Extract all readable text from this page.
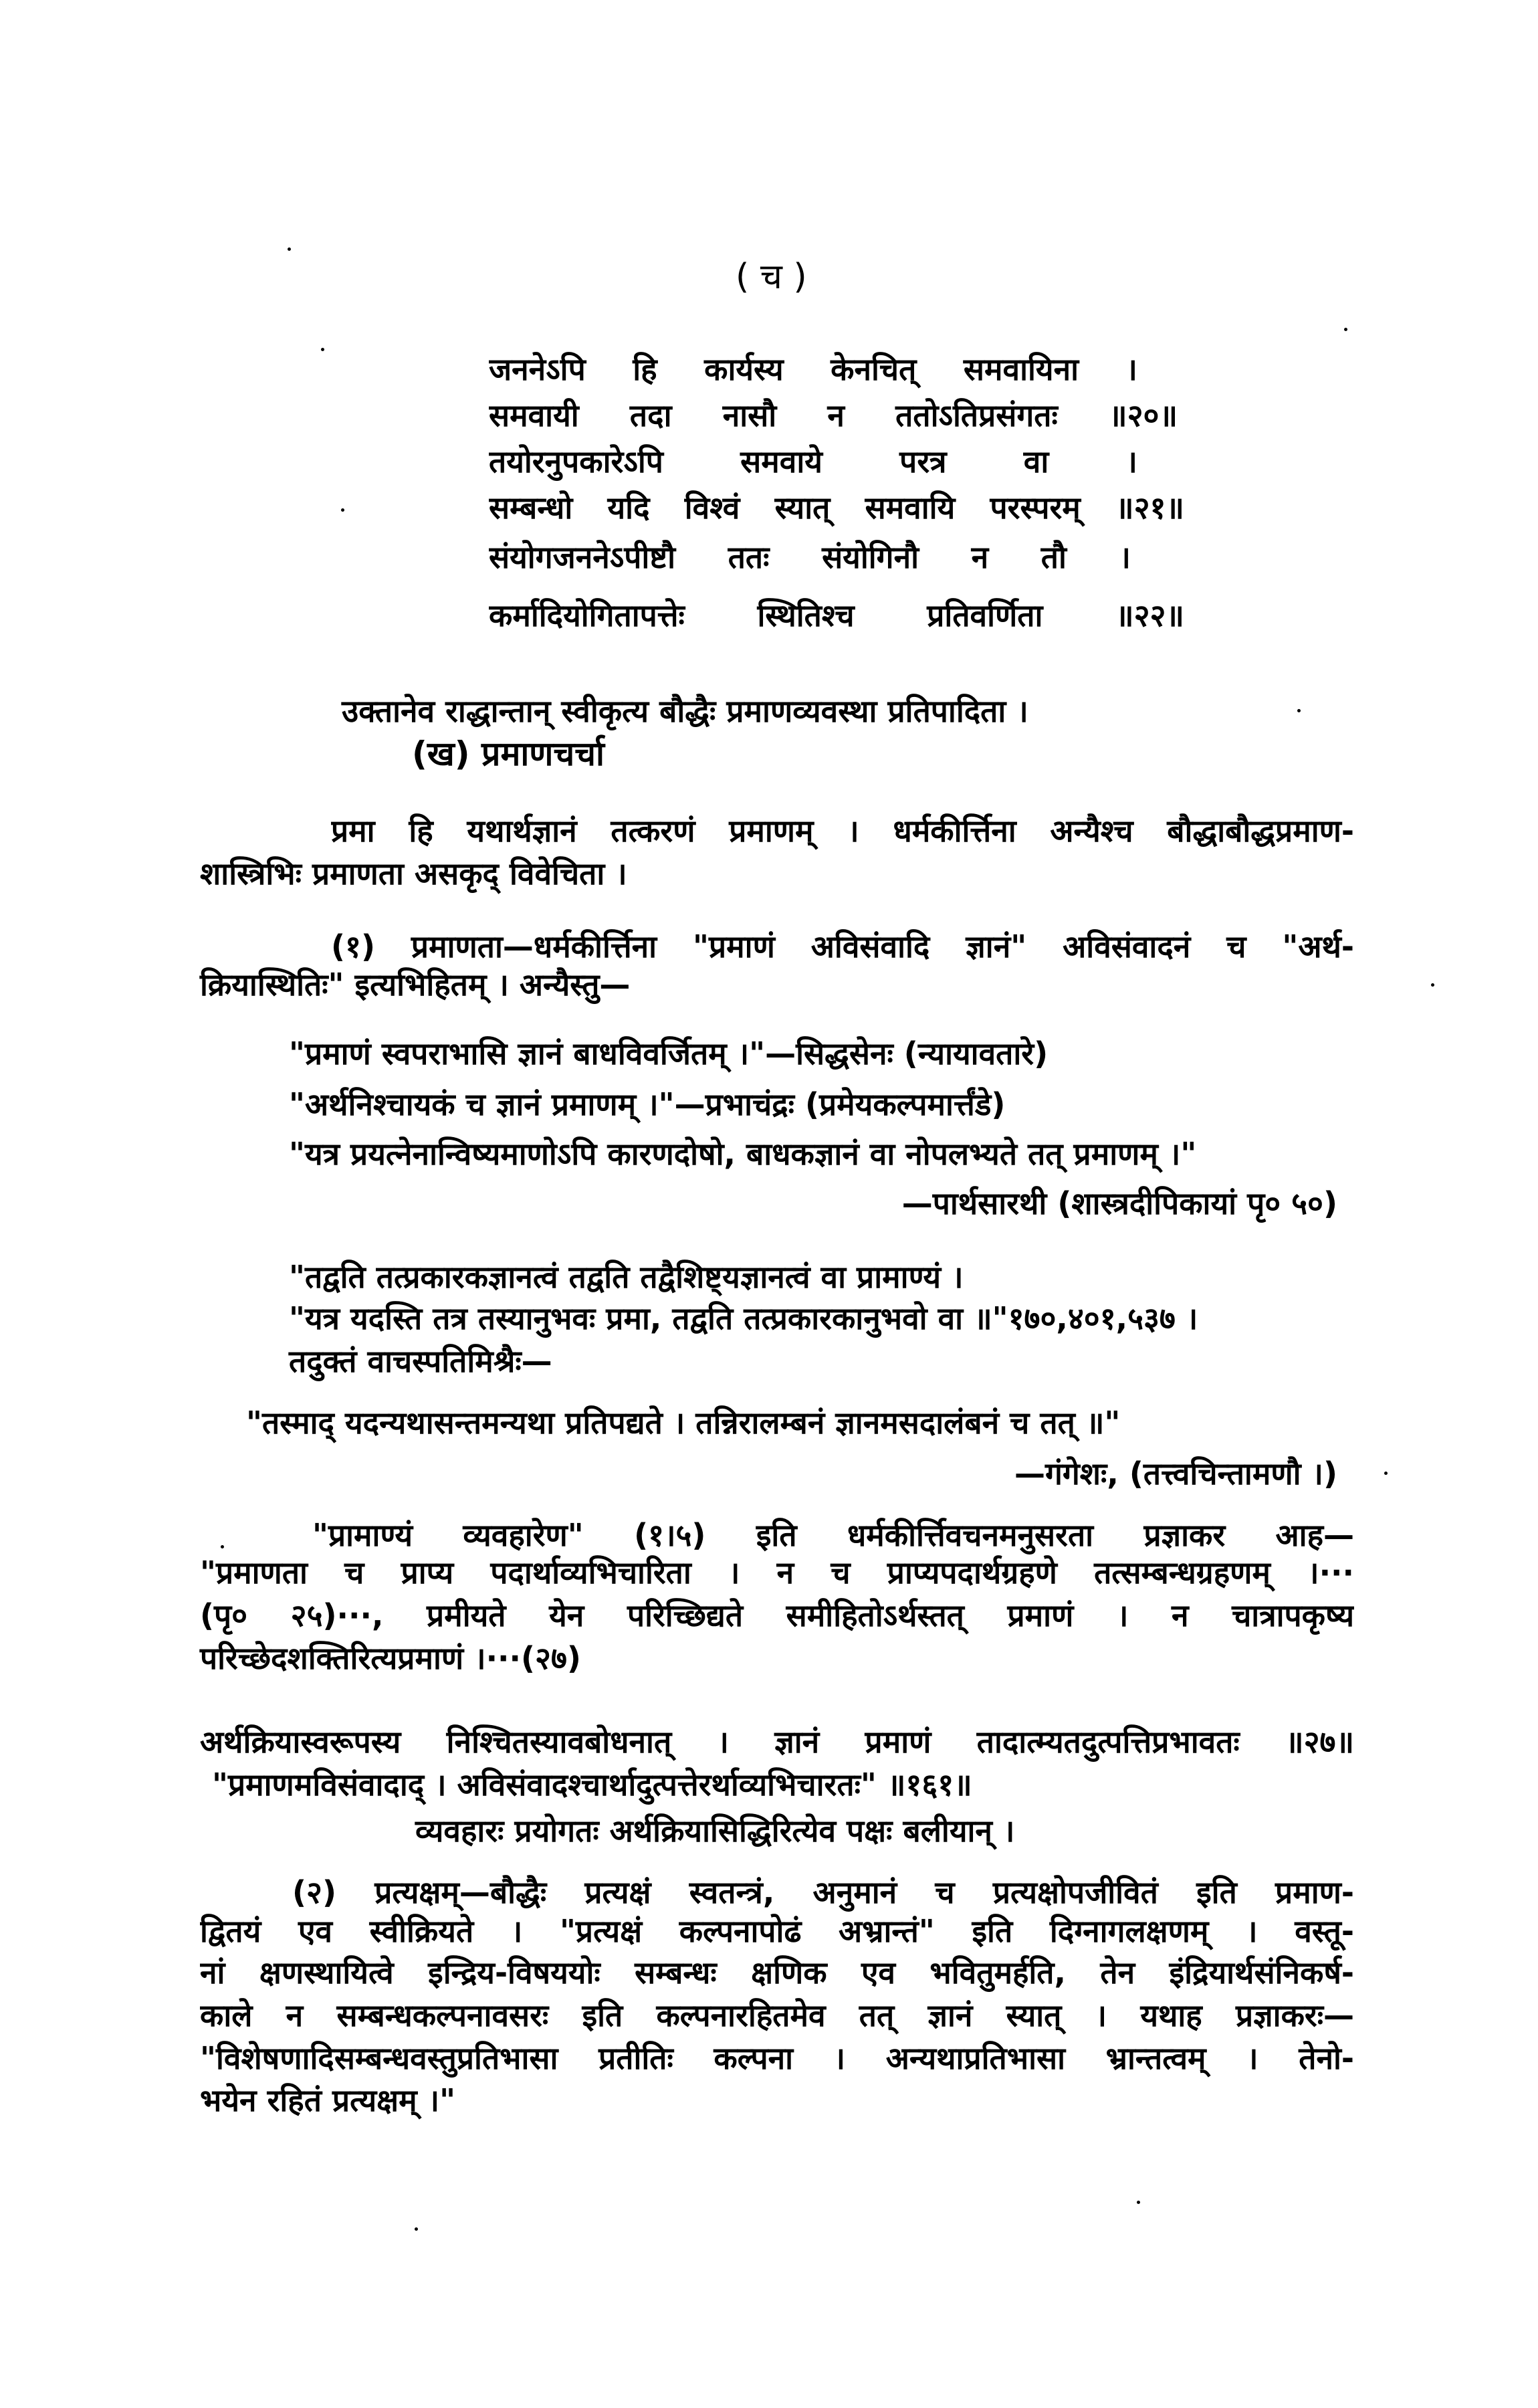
( च )
जननेऽपि हि कार्यस्य केनचित् समवायिना ।
समवायी तदा नासौ न ततोऽतिप्रसंगतः ॥२०॥
तयोरनुपकारेऽपि समवाये परत्र वा ।
सम्बन्धो यदि विश्वं स्यात् समवायि परस्परम् ॥२१॥
संयोगजननेऽपीष्टौ ततः संयोगिनौ न तौ ।
कर्मादियोगितापत्तेः स्थितिश्च प्रतिवर्णिता ॥२२॥
उक्तानेव राद्धान्तान् स्वीकृत्य बौद्धैः प्रमाणव्यवस्था प्रतिपादिता ।
(ख) प्रमाणचर्चा
प्रमा हि यथार्थज्ञानं तत्करणं प्रमाणम् । धर्मकीर्त्तिना अन्यैश्च बौद्धाबौद्धप्रमाण-
शास्त्रिभिः प्रमाणता असकृद् विवेचिता ।
(१) प्रमाणता—धर्मकीर्त्तिना "प्रमाणं अविसंवादि ज्ञानं" अविसंवादनं च "अर्थ-
क्रियास्थितिः" इत्यभिहितम् । अन्यैस्तु—
"प्रमाणं स्वपराभासि ज्ञानं बाधविवर्जितम् ।"—सिद्धसेनः (न्यायावतारे)
"अर्थनिश्चायकं च ज्ञानं प्रमाणम् ।"—प्रभाचंद्रः (प्रमेयकल्पमार्त्तंडे)
"यत्र प्रयत्नेनान्विष्यमाणोऽपि कारणदोषो, बाधकज्ञानं वा नोपलभ्यते तत् प्रमाणम् ।"
—पार्थसारथी (शास्त्रदीपिकायां पृ० ५०)
"तद्वति तत्प्रकारकज्ञानत्वं तद्वति तद्वैशिष्ट्यज्ञानत्वं वा प्रामाण्यं ।
"यत्र यदस्ति तत्र तस्यानुभवः प्रमा, तद्वति तत्प्रकारकानुभवो वा ॥"१७०,४०१,५३७ ।
तदुक्तं वाचस्पतिमिश्रैः—
"तस्माद् यदन्यथासन्तमन्यथा प्रतिपद्यते । तन्निरालम्बनं ज्ञानमसदालंबनं च तत् ॥"
—गंगेशः, (तत्त्वचिन्तामणौ ।)
"प्रामाण्यं व्यवहारेण" (१।५) इति धर्मकीर्त्तिवचनमनुसरता प्रज्ञाकर आह—
"प्रमाणता च प्राप्य पदार्थाव्यभिचारिता । न च प्राप्यपदार्थग्रहणे तत्सम्बन्धग्रहणम् ।···
(पृ० २५)···, प्रमीयते येन परिच्छिद्यते समीहितोऽर्थस्तत् प्रमाणं । न चात्रापकृष्य
परिच्छेदशक्तिरित्यप्रमाणं ।···(२७)
अर्थक्रियास्वरूपस्य निश्चितस्यावबोधनात् । ज्ञानं प्रमाणं तादात्म्यतदुत्पत्तिप्रभावतः ॥२७॥
"प्रमाणमविसंवादाद् । अविसंवादश्चार्थादुत्पत्तेरर्थाव्यभिचारतः" ॥१६१॥
व्यवहारः प्रयोगतः अर्थक्रियासिद्धिरित्येव पक्षः बलीयान् ।
(२) प्रत्यक्षम्—बौद्धैः प्रत्यक्षं स्वतन्त्रं, अनुमानं च प्रत्यक्षोपजीवितं इति प्रमाण-
द्वितयं एव स्वीक्रियते । "प्रत्यक्षं कल्पनापोढं अभ्रान्तं" इति दिग्नागलक्षणम् । वस्तू-
नां क्षणस्थायित्वे इन्द्रिय-विषययोः सम्बन्धः क्षणिक एव भवितुमर्हति, तेन इंद्रियार्थसंनिकर्ष-
काले न सम्बन्धकल्पनावसरः इति कल्पनारहितमेव तत् ज्ञानं स्यात् । यथाह प्रज्ञाकरः—
"विशेषणादिसम्बन्धवस्तुप्रतिभासा प्रतीतिः कल्पना । अन्यथाप्रतिभासा भ्रान्तत्वम् । तेनो-
भयेन रहितं प्रत्यक्षम् ।"
